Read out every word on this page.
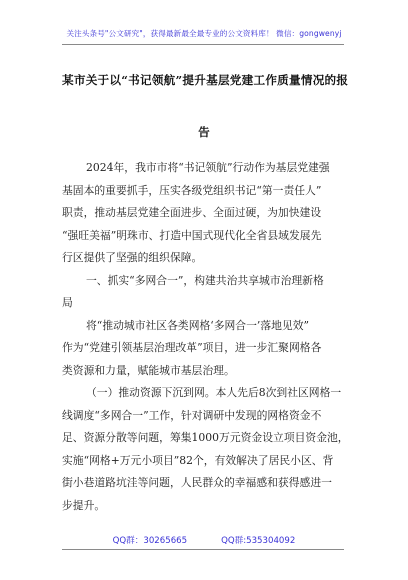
关注头条号"公文研究"，获得最新最全最专业的公文资料库！ 微信：gongwenyj
某市关于以“书记领航”提升基层党建工作质量情况的报
告
2024年，我市市将“书记领航”行动作为基层党建强
基固本的重要抓手，压实各级党组织书记“第一责任人”
职责，推动基层党建全面进步、全面过硬，为加快建设
“强旺美福”明珠市、打造中国式现代化全省县域发展先
行区提供了坚强的组织保障。
一、抓实“多网合一”，构建共治共享城市治理新格
局
将“推动城市社区各类网格‘多网合一’落地见效”
作为“党建引领基层治理改革”项目，进一步汇聚网格各
类资源和力量，赋能城市基层治理。
（一）推动资源下沉到网。本人先后8次到社区网格一
线调度“多网合一”工作，针对调研中发现的网格资金不
足、资源分散等问题，筹集1000万元资金设立项目资金池，
实施“网格+万元小项目”82个，有效解决了居民小区、背
QQ群：30265665	QQ群:535304092
街小巷道路坑洼等问题，人民群众的幸福感和获得感进一
步提升。
